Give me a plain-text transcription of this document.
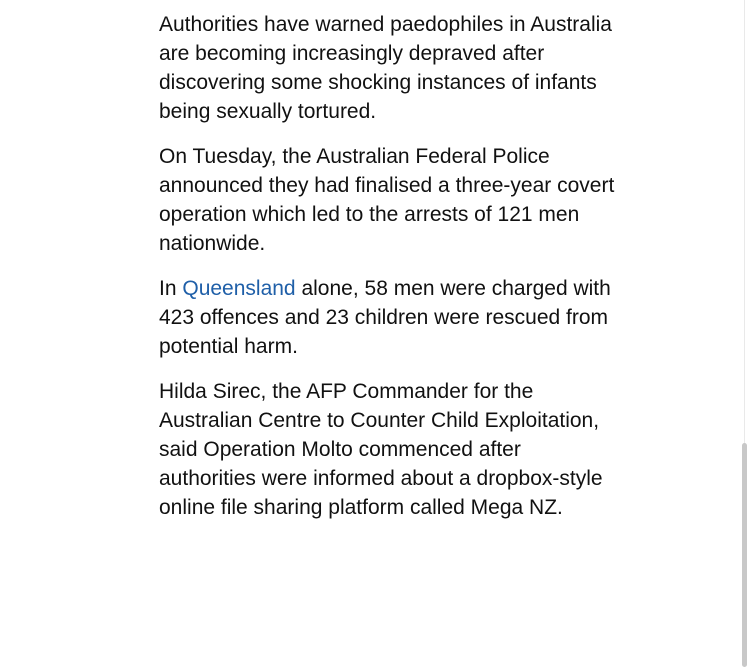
Authorities have warned paedophiles in Australia are becoming increasingly depraved after discovering some shocking instances of infants being sexually tortured.

On Tuesday, the Australian Federal Police announced they had finalised a three-year covert operation which led to the arrests of 121 men nationwide.

In Queensland alone, 58 men were charged with 423 offences and 23 children were rescued from potential harm.

Hilda Sirec, the AFP Commander for the Australian Centre to Counter Child Exploitation, said Operation Molto commenced after authorities were informed about a dropbox-style online file sharing platform called Mega NZ.
